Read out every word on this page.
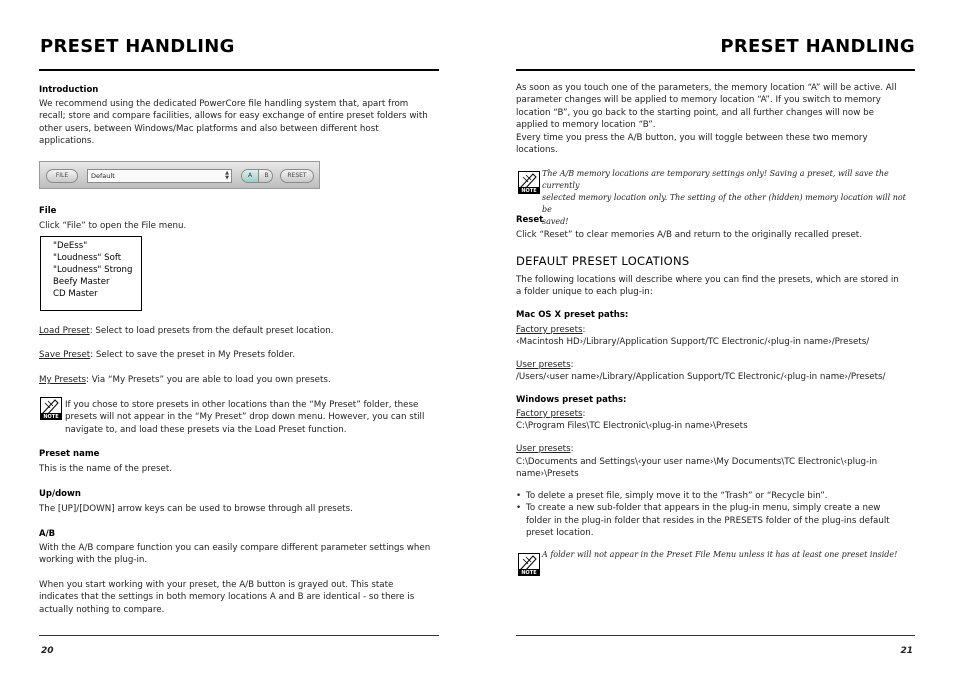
PRESET HANDLING
Introduction
We recommend using the dedicated PowerCore file handling system that, apart from
recall; store and compare facilities, allows for easy exchange of entire preset folders with
other users, between Windows/Mac platforms and also between different host
applications.
FILE	Default	▲
▼	A	B	RESET
File
Click “File” to open the File menu.
"DeEss"
"Loudness" Soft
"Loudness" Strong
Beefy Master
CD Master
Load Preset: Select to load presets from the default preset location.
Save Preset: Select to save the preset in My Presets folder.
My Presets: Via “My Presets” you are able to load you own presets.
NOTE
If you chose to store presets in other locations than the “My Preset” folder, these
presets will not appear in the “My Preset” drop down menu. However, you can still
navigate to, and load these presets via the Load Preset function.
Preset name
This is the name of the preset.
Up/down
The [UP]/[DOWN] arrow keys can be used to browse through all presets.
A/B
With the A/B compare function you can easily compare different parameter settings when
working with the plug-in.
When you start working with your preset, the A/B button is grayed out. This state
indicates that the settings in both memory locations A and B are identical - so there is
actually nothing to compare.
20
PRESET HANDLING
As soon as you touch one of the parameters, the memory location “A” will be active. All
parameter changes will be applied to memory location “A”. If you switch to memory
location “B”, you go back to the starting point, and all further changes will now be
applied to memory location “B”.
Every time you press the A/B button, you will toggle between these two memory
locations.
NOTE
The A/B memory locations are temporary settings only! Saving a preset, will save the currently
selected memory location only. The setting of the other (hidden) memory location will not be
saved!
Reset
Click “Reset” to clear memories A/B and return to the originally recalled preset.
DEFAULT PRESET LOCATIONS
The following locations will describe where you can find the presets, which are stored in
a folder unique to each plug-in:
Mac OS X preset paths:
Factory presets:
‹Macintosh HD›/Library/Application Support/TC Electronic/‹plug-in name›/Presets/
User presets:
/Users/‹user name›/Library/Application Support/TC Electronic/‹plug-in name›/Presets/
Windows preset paths:
Factory presets:
C:\Program Files\TC Electronic\‹plug-in name›\Presets
User presets:
C:\Documents and Settings\‹your user name›\My Documents\TC Electronic\‹plug-in
name›\Presets
• To delete a preset file, simply move it to the “Trash” or “Recycle bin”.
• To create a new sub-folder that appears in the plug-in menu, simply create a new
folder in the plug-in folder that resides in the PRESETS folder of the plug-ins default
preset location.
NOTE
A folder will not appear in the Preset File Menu unless it has at least one preset inside!
21
